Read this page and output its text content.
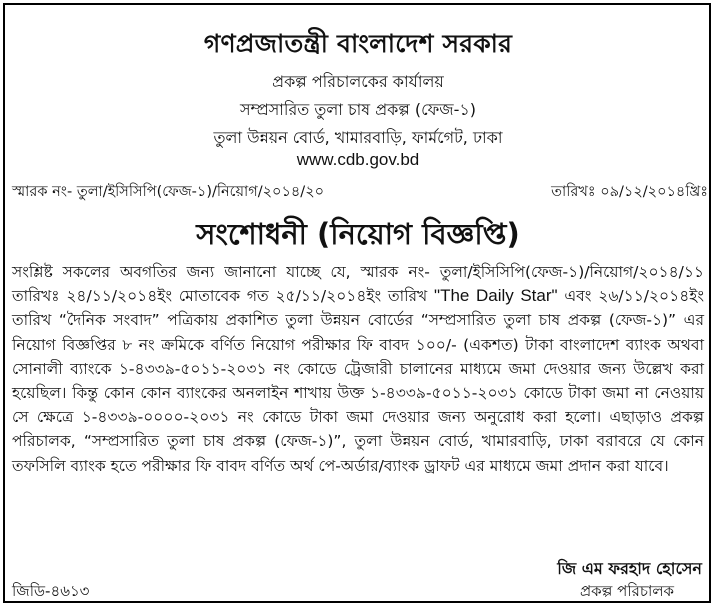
গণপ্রজাতন্ত্রী বাংলাদেশ সরকার
প্রকল্প পরিচালকের কার্যালয়
সম্প্রসারিত তুলা চাষ প্রকল্প (ফেজ-১)
তুলা উন্নয়ন বোর্ড, খামারবাড়ি, ফার্মগেট, ঢাকা
www.cdb.gov.bd
স্মারক নং- তুলা/ইসিসিপি(ফেজ-১)/নিয়োগ/২০১৪/২০	তারিখঃ ০৯/১২/২০১৪খ্রিঃ
সংশোধনী (নিয়োগ বিজ্ঞপ্তি)
সংশ্লিষ্ট সকলের অবগতির জন্য জানানো যাচ্ছে যে, স্মারক নং- তুলা/ইসিসিপি(ফেজ-১)/নিয়োগ/২০১৪/১১ তারিখঃ ২৪/১১/২০১৪ইং মোতাবেক গত ২৫/১১/২০১৪ইং তারিখ "The Daily Star" এবং ২৬/১১/২০১৪ইং তারিখ “দৈনিক সংবাদ” পত্রিকায় প্রকাশিত তুলা উন্নয়ন বোর্ডের “সম্প্রসারিত তুলা চাষ প্রকল্প (ফেজ-১)” এর নিয়োগ বিজ্ঞপ্তির ৮ নং ক্রমিকে বর্ণিত নিয়োগ পরীক্ষার ফি বাবদ ১০০/- (একশত) টাকা বাংলাদেশ ব্যাংক অথবা সোনালী ব্যাংকে ১-৪৩৩৯-৫০১১-২০৩১ নং কোডে ট্রেজারী চালানের মাধ্যমে জমা দেওয়ার জন্য উল্লেখ করা হয়েছিল। কিন্তু কোন কোন ব্যাংকের অনলাইন শাখায় উক্ত ১-৪৩৩৯-৫০১১-২০৩১ কোডে টাকা জমা না নেওয়ায় সে ক্ষেত্রে ১-৪৩৩৯-০০০০-২০৩১ নং কোডে টাকা জমা দেওয়ার জন্য অনুরোধ করা হলো। এছাড়াও প্রকল্প পরিচালক, “সম্প্রসারিত তুলা চাষ প্রকল্প (ফেজ-১)”, তুলা উন্নয়ন বোর্ড, খামারবাড়ি, ঢাকা বরাবরে যে কোন তফসিলি ব্যাংক হতে পরীক্ষার ফি বাবদ বর্ণিত অর্থ পে-অর্ডার/ব্যাংক ড্রাফট এর মাধ্যমে জমা প্রদান করা যাবে।
জি এম ফরহাদ হোসেন
প্রকল্প পরিচালক
জিডি-৪৬১৩
